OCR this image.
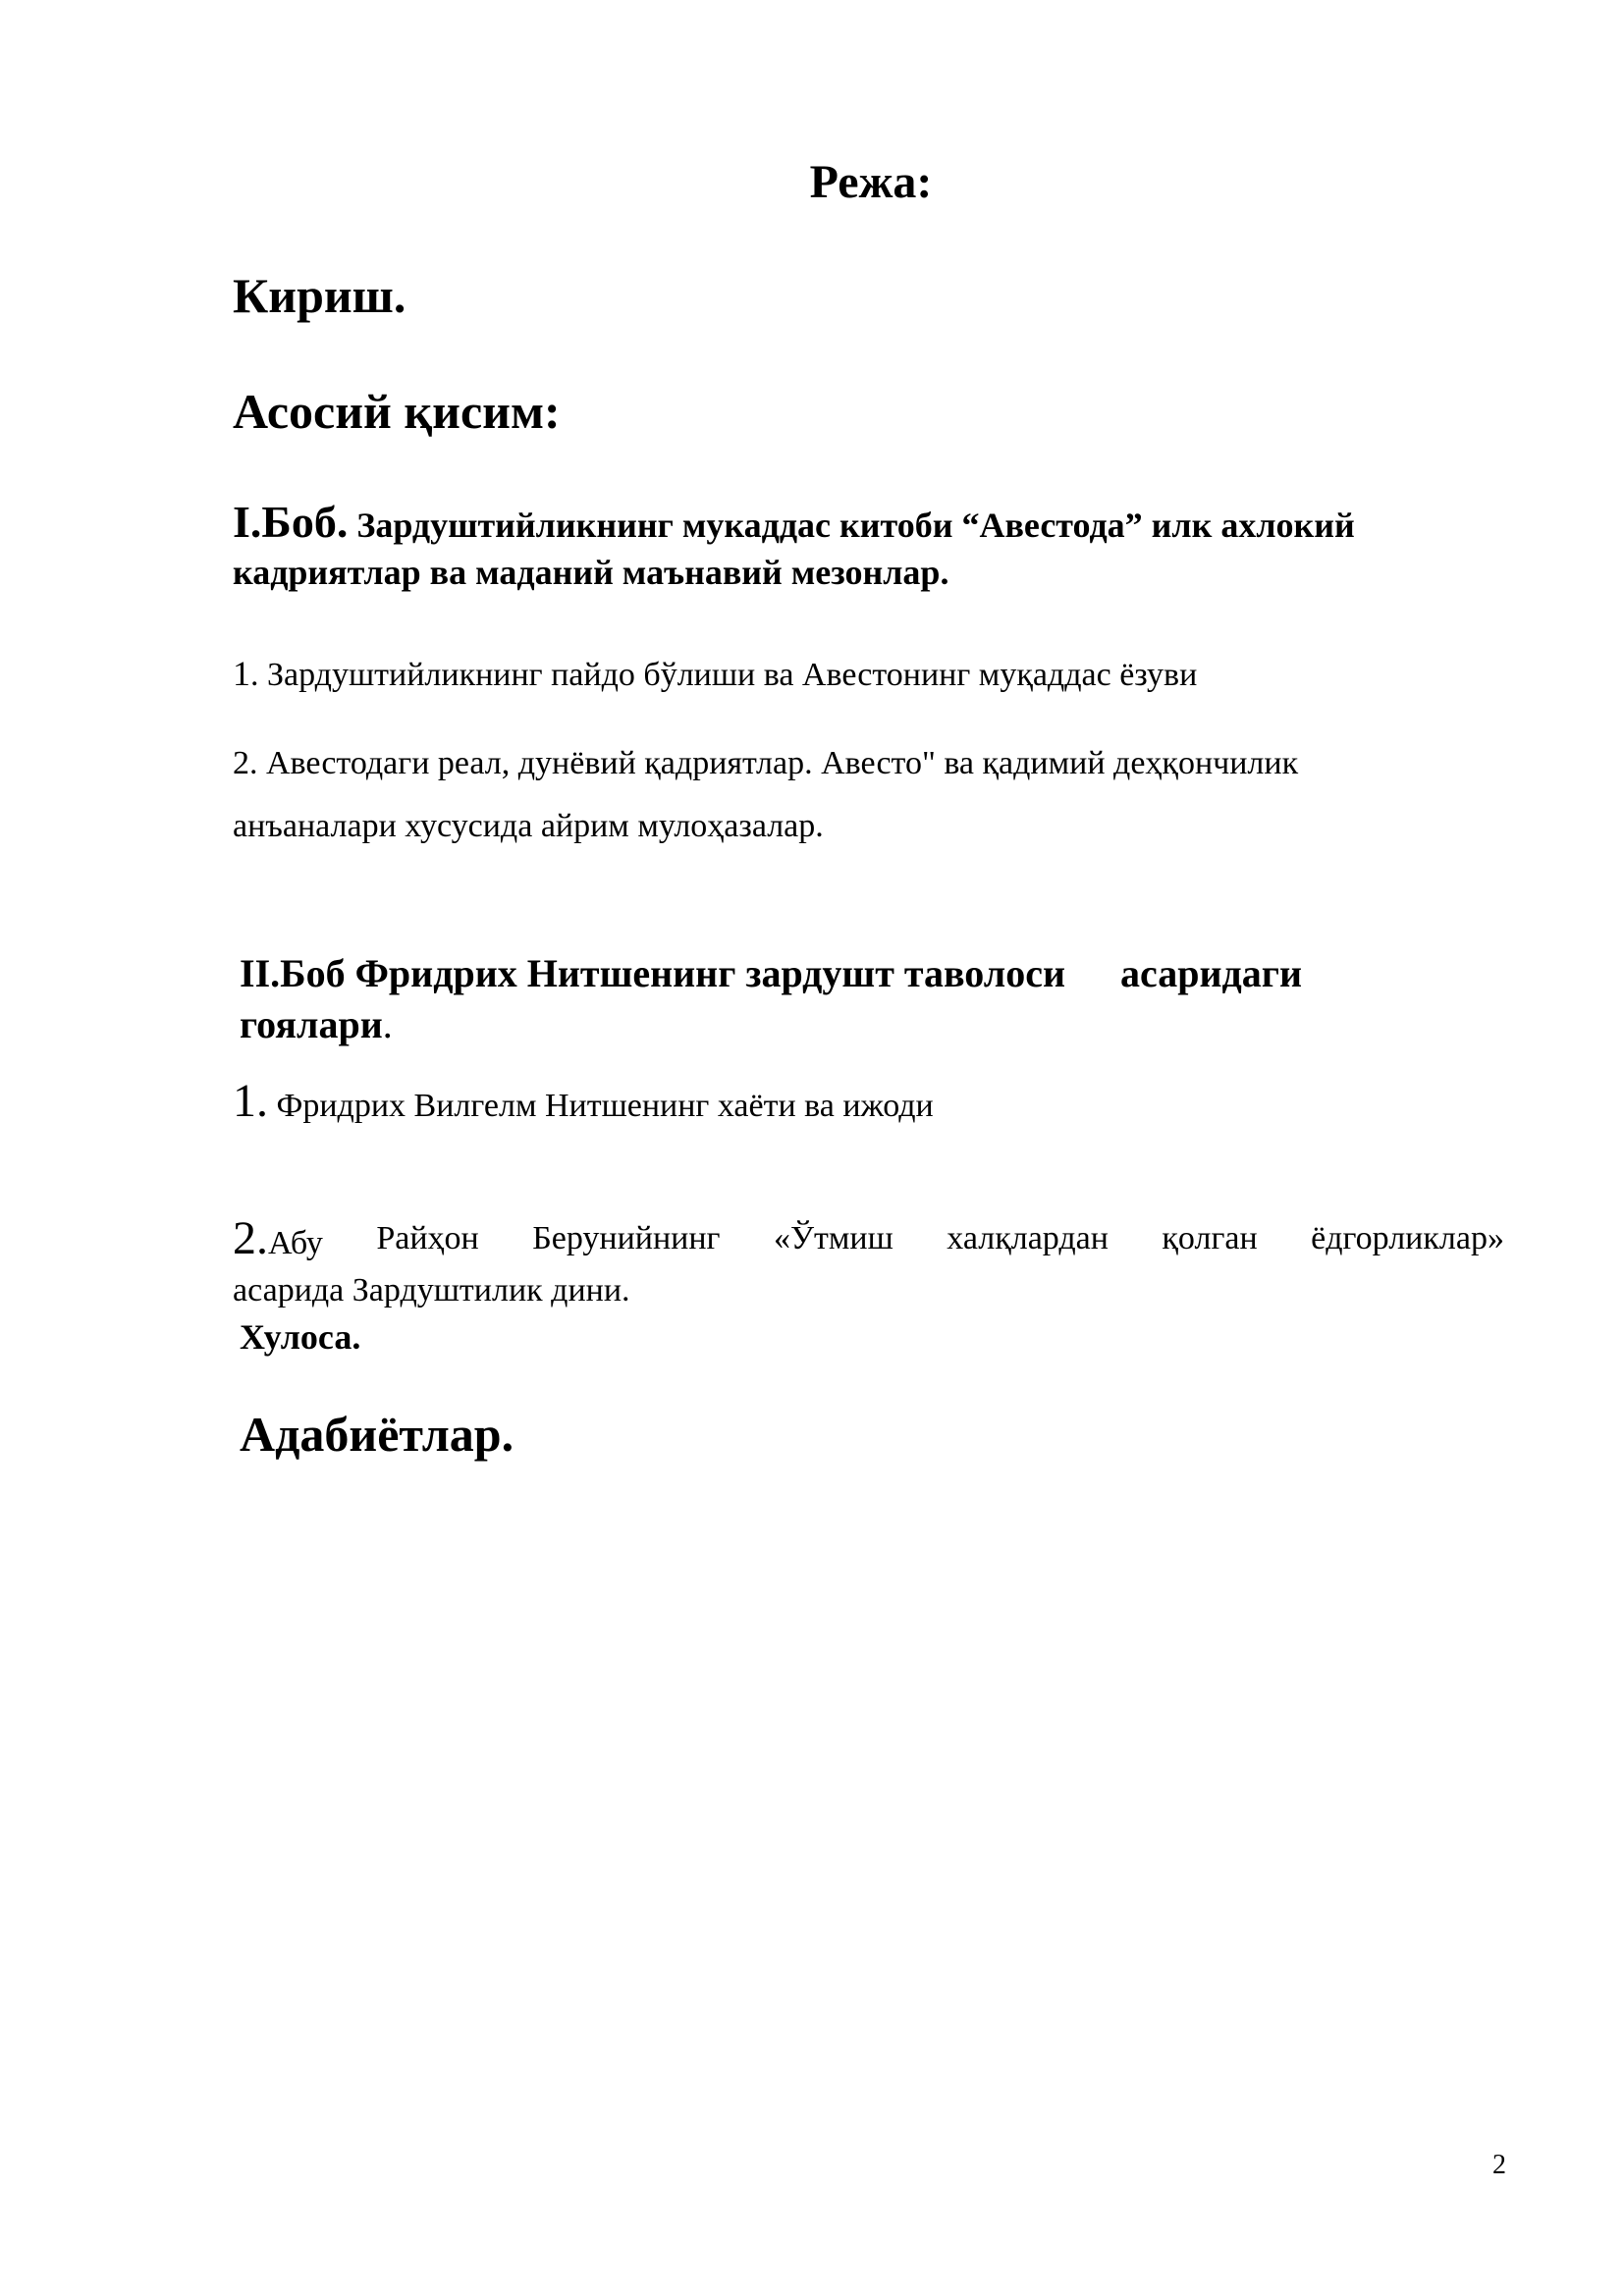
Режа:
Кириш.
Асосий қисим:
I.Боб. Зардуштийликнинг мукаддас китоби “Авестода” илк ахлокий
кадриятлар ва маданий маънавий мезонлар.
1. Зардуштийликнинг пайдо бўлиши ва Авестонинг муқаддас ёзуви
2. Авестодаги реал, дунёвий қадриятлар. Авесто" ва қадимий деҳқончилик
анъаналари хусусида айрим мулоҳазалар.
II.Боб Фридрих Нитшенинг зардушт таволоси асаридаги
гоялари.
1. Фридрих Вилгелм Нитшенинг хаёти ва ижоди
2.Абу Райҳон Берунийнинг «Ўтмиш халқлардан қолган ёдгорликлар»
асарида Зардуштилик дини.
Хулоса.
Адабиётлар.
2
